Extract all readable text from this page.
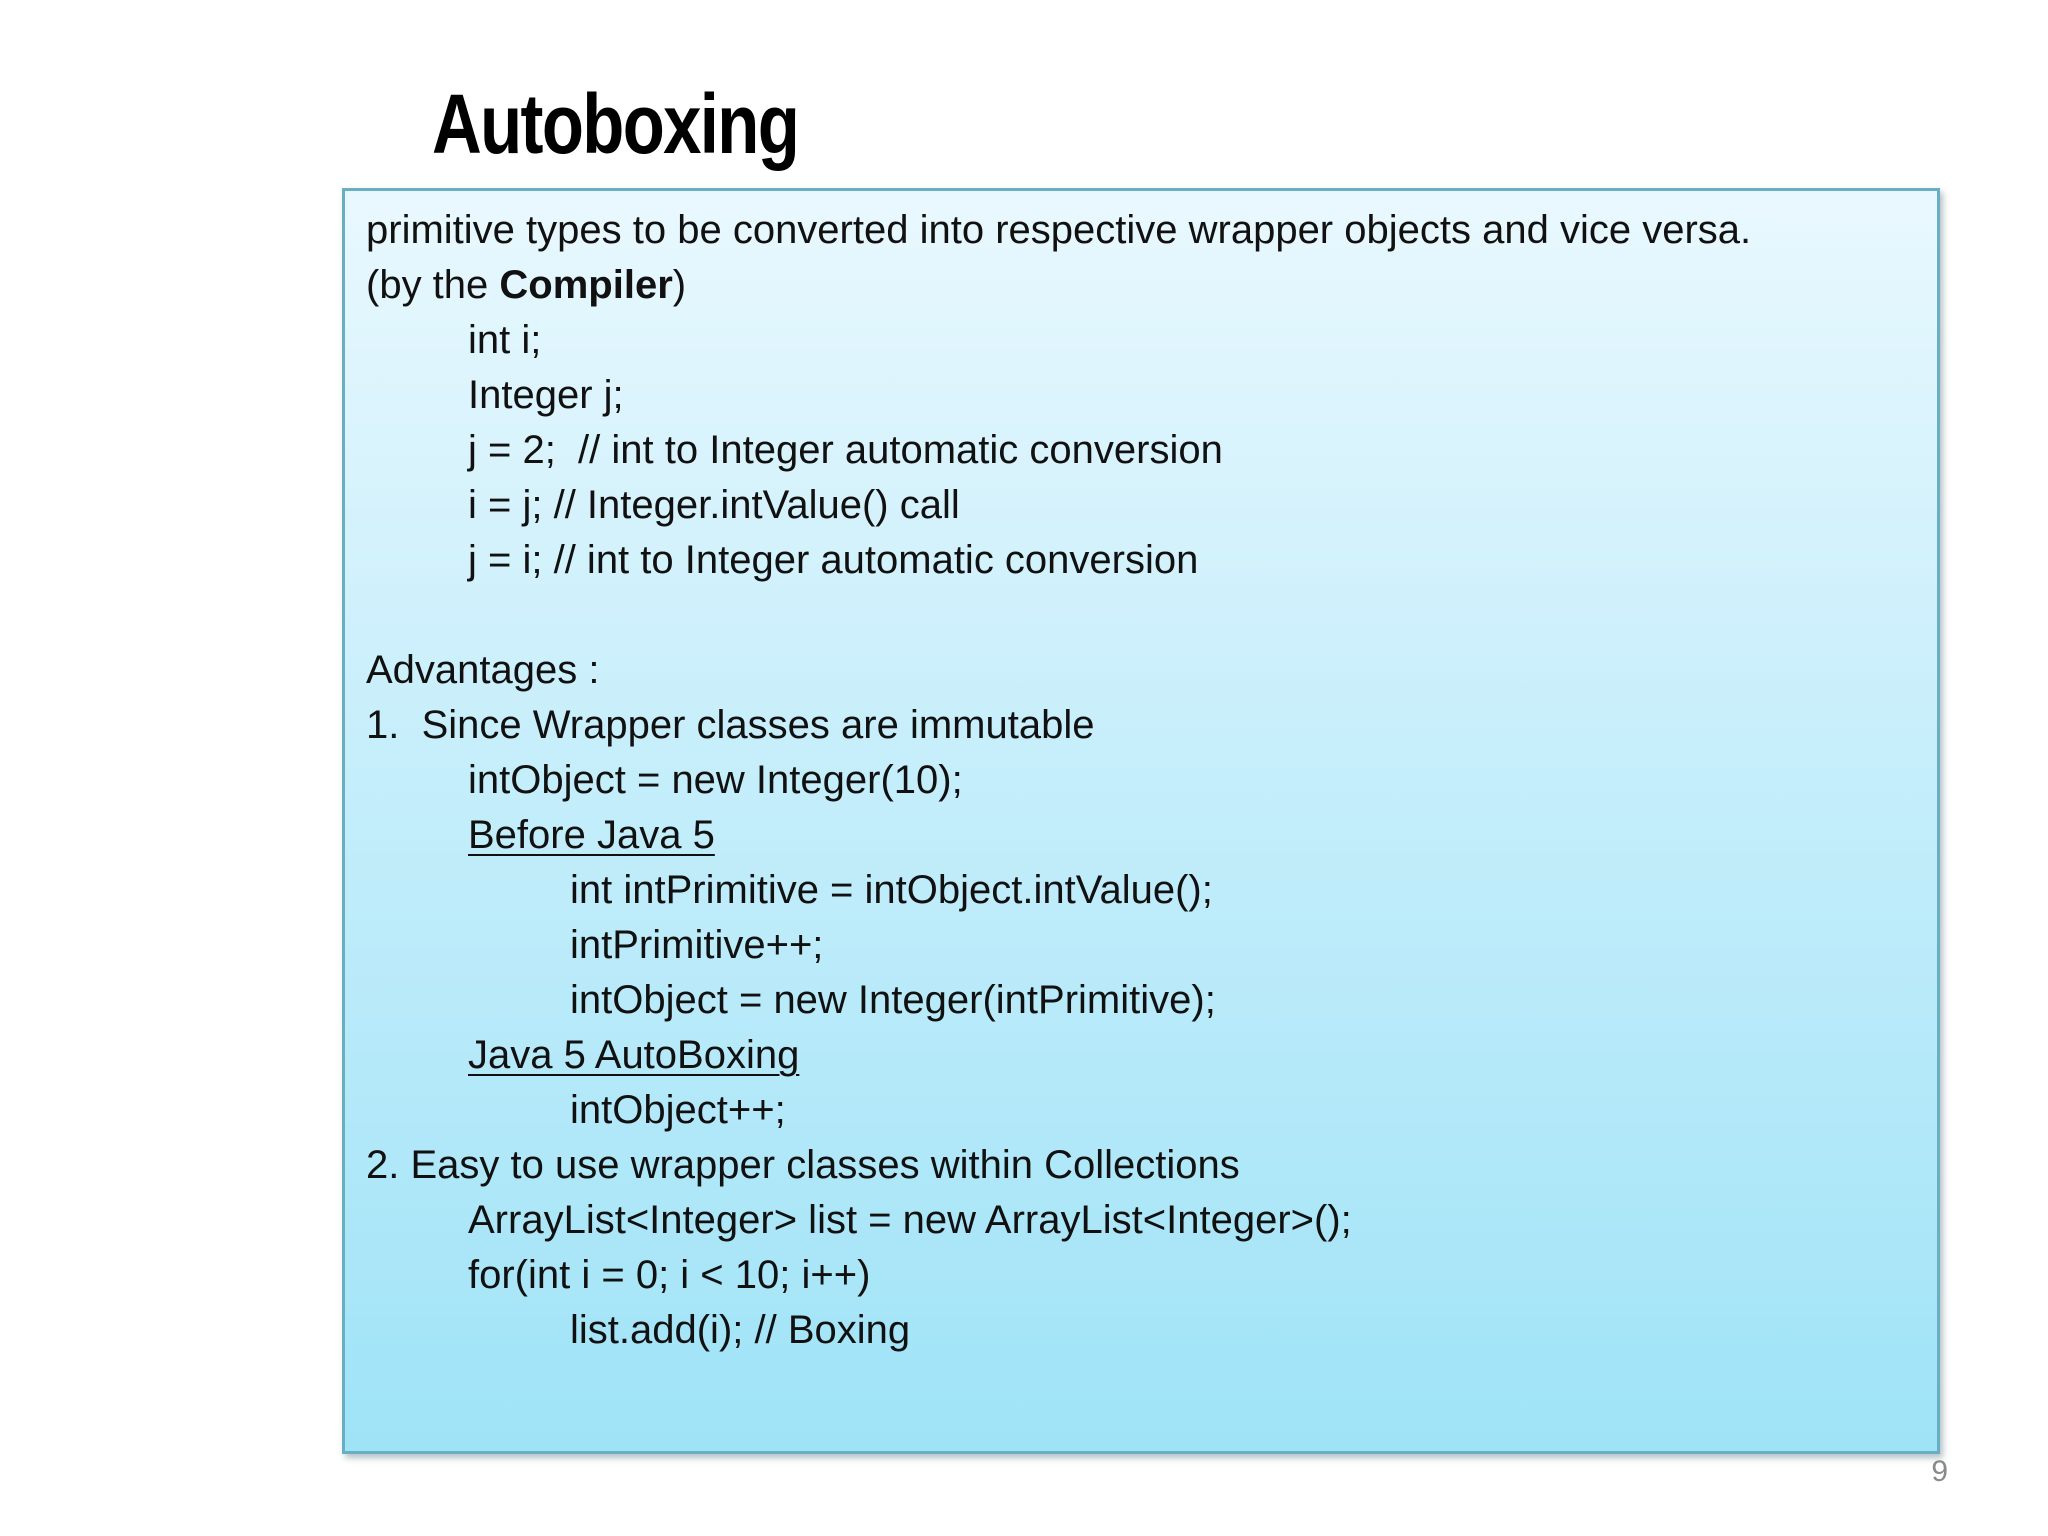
Autoboxing
primitive types to be converted into respective wrapper objects and vice versa.
(by the Compiler)
int i;
Integer j;
j = 2;  // int to Integer automatic conversion
i = j; // Integer.intValue() call
j = i; // int to Integer automatic conversion
Advantages :
1.  Since Wrapper classes are immutable
intObject = new Integer(10);
Before Java 5
int intPrimitive = intObject.intValue();
intPrimitive++;
intObject = new Integer(intPrimitive);
Java 5 AutoBoxing
intObject++;
2. Easy to use wrapper classes within Collections
ArrayList<Integer> list = new ArrayList<Integer>();
for(int i = 0; i < 10; i++)
list.add(i); // Boxing
9
